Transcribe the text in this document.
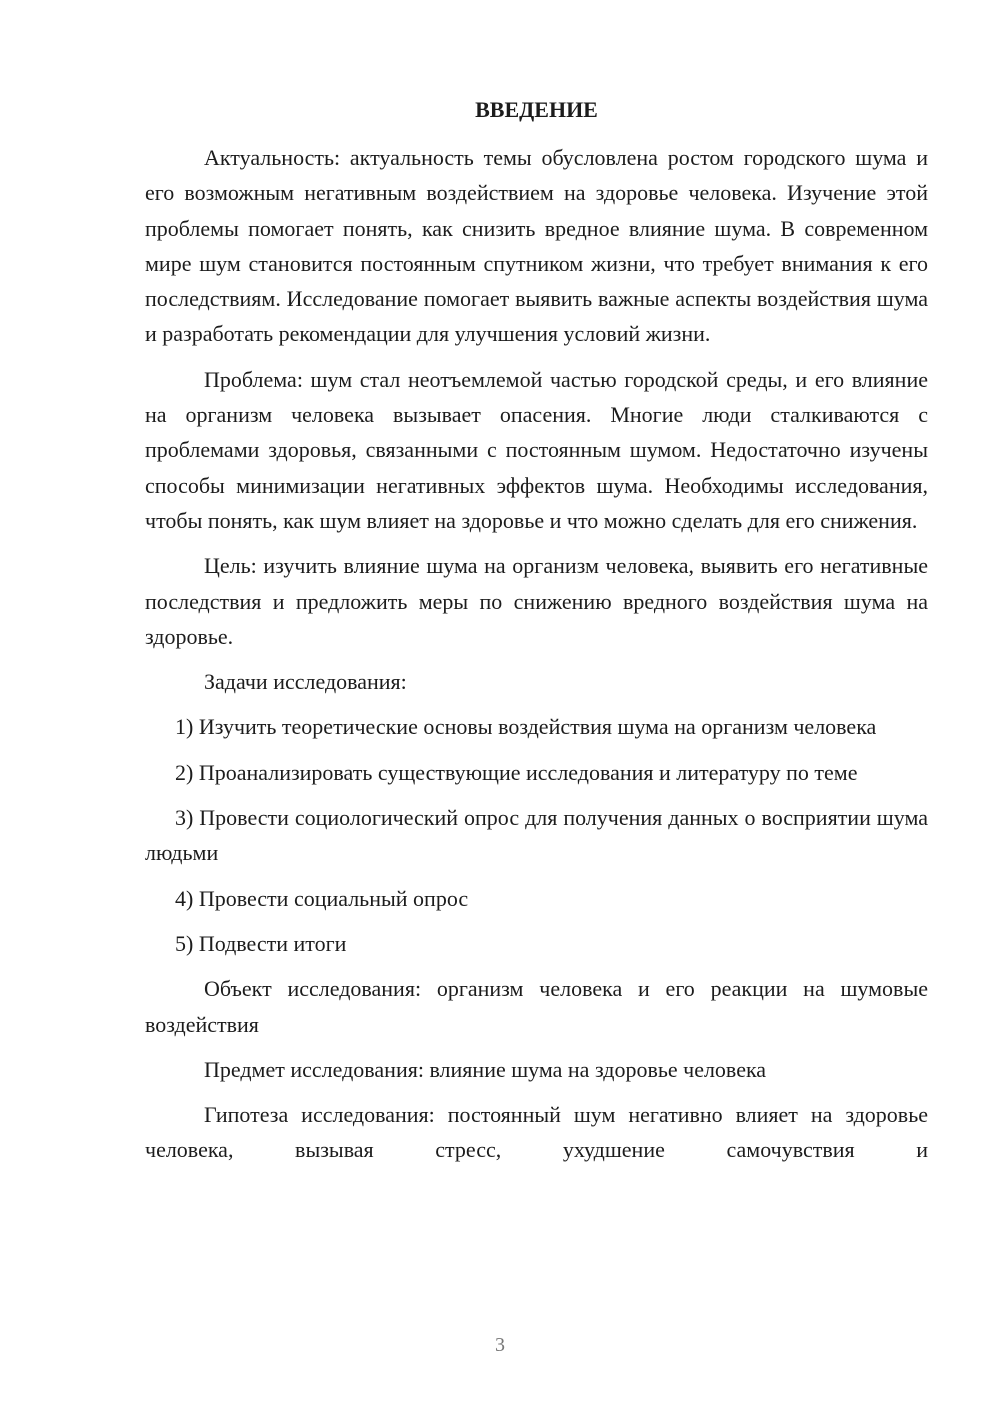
ВВЕДЕНИЕ

Актуальность: актуальность темы обусловлена ростом городского шума и его возможным негативным воздействием на здоровье человека. Изучение этой проблемы помогает понять, как снизить вредное влияние шума. В современном мире шум становится постоянным спутником жизни, что требует внимания к его последствиям. Исследование помогает выявить важные аспекты воздействия шума и разработать рекомендации для улучшения условий жизни.

Проблема: шум стал неотъемлемой частью городской среды, и его влияние на организм человека вызывает опасения. Многие люди сталкиваются с проблемами здоровья, связанными с постоянным шумом. Недостаточно изучены способы минимизации негативных эффектов шума. Необходимы исследования, чтобы понять, как шум влияет на здоровье и что можно сделать для его снижения.

Цель: изучить влияние шума на организм человека, выявить его негативные последствия и предложить меры по снижению вредного воздействия шума на здоровье.

Задачи исследования:

1) Изучить теоретические основы воздействия шума на организм человека

2) Проанализировать существующие исследования и литературу по теме

3) Провести социологический опрос для получения данных о восприятии шума людьми

4) Провести социальный опрос

5) Подвести итоги

Объект исследования: организм человека и его реакции на шумовые воздействия

Предмет исследования: влияние шума на здоровье человека

Гипотеза исследования: постоянный шум негативно влияет на здоровье человека, вызывая стресс, ухудшение самочувствия и

3
